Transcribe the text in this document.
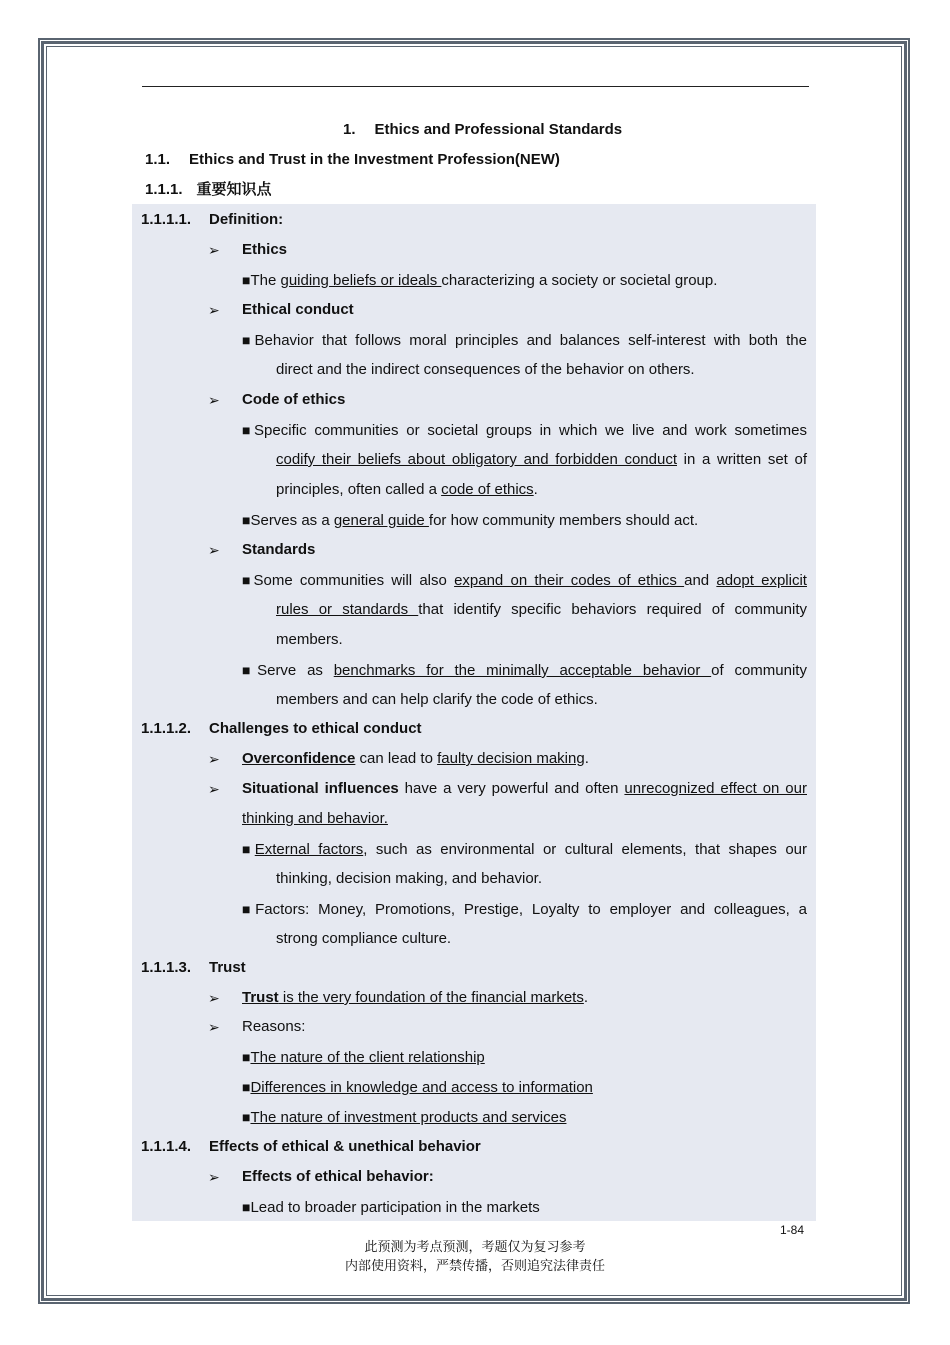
1. Ethics and Professional Standards
1.1. Ethics and Trust in the Investment Profession(NEW)
1.1.1. 重要知识点
1.1.1.1. Definition:
➢ Ethics
■The guiding beliefs or ideals characterizing a society or societal group.
➢ Ethical conduct
■Behavior that follows moral principles and balances self-interest with both the
direct and the indirect consequences of the behavior on others.
➢ Code of ethics
■Specific communities or societal groups in which we live and work sometimes
codify their beliefs about obligatory and forbidden conduct in a written set of
principles, often called a code of ethics.
■Serves as a general guide for how community members should act.
➢ Standards
■Some communities will also expand on their codes of ethics and adopt explicit
rules or standards that identify specific behaviors required of community
members.
■Serve as benchmarks for the minimally acceptable behavior of community
members and can help clarify the code of ethics.
1.1.1.2. Challenges to ethical conduct
➢ Overconfidence can lead to faulty decision making.
➢ Situational influences have a very powerful and often unrecognized effect on our
thinking and behavior.
■External factors, such as environmental or cultural elements, that shapes our
thinking, decision making, and behavior.
■Factors: Money, Promotions, Prestige, Loyalty to employer and colleagues, a
strong compliance culture.
1.1.1.3. Trust
➢ Trust is the very foundation of the financial markets.
➢ Reasons:
■The nature of the client relationship
■Differences in knowledge and access to information
■The nature of investment products and services
1.1.1.4. Effects of ethical & unethical behavior
➢ Effects of ethical behavior:
■Lead to broader participation in the markets
1-84
此预测为考点预测，考题仅为复习参考
内部使用资料，严禁传播，否则追究法律责任
